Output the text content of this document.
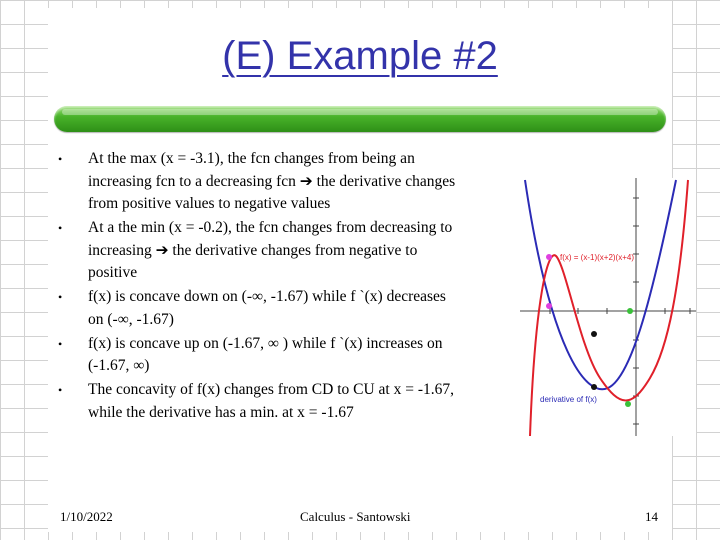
(E) Example #2
• At the max (x = -3.1), the fcn changes from being an increasing fcn to a decreasing fcn ➔ the derivative changes from positive values to negative values
• At a the min (x = -0.2), the fcn changes from decreasing to increasing ➔ the derivative changes from negative to positive
• f(x) is concave down on (-∞, -1.67) while f `(x) decreases on (-∞, -1.67)
• f(x) is concave up on (-1.67, ∞ ) while f `(x) increases on (-1.67, ∞)
• The concavity of f(x) changes from CD to CU at x = -1.67, while the derivative has a min. at x = -1.67
f(x) = (x-1)(x+2)(x+4)
derivative of f(x)
1/10/2022	Calculus - Santowski	14
